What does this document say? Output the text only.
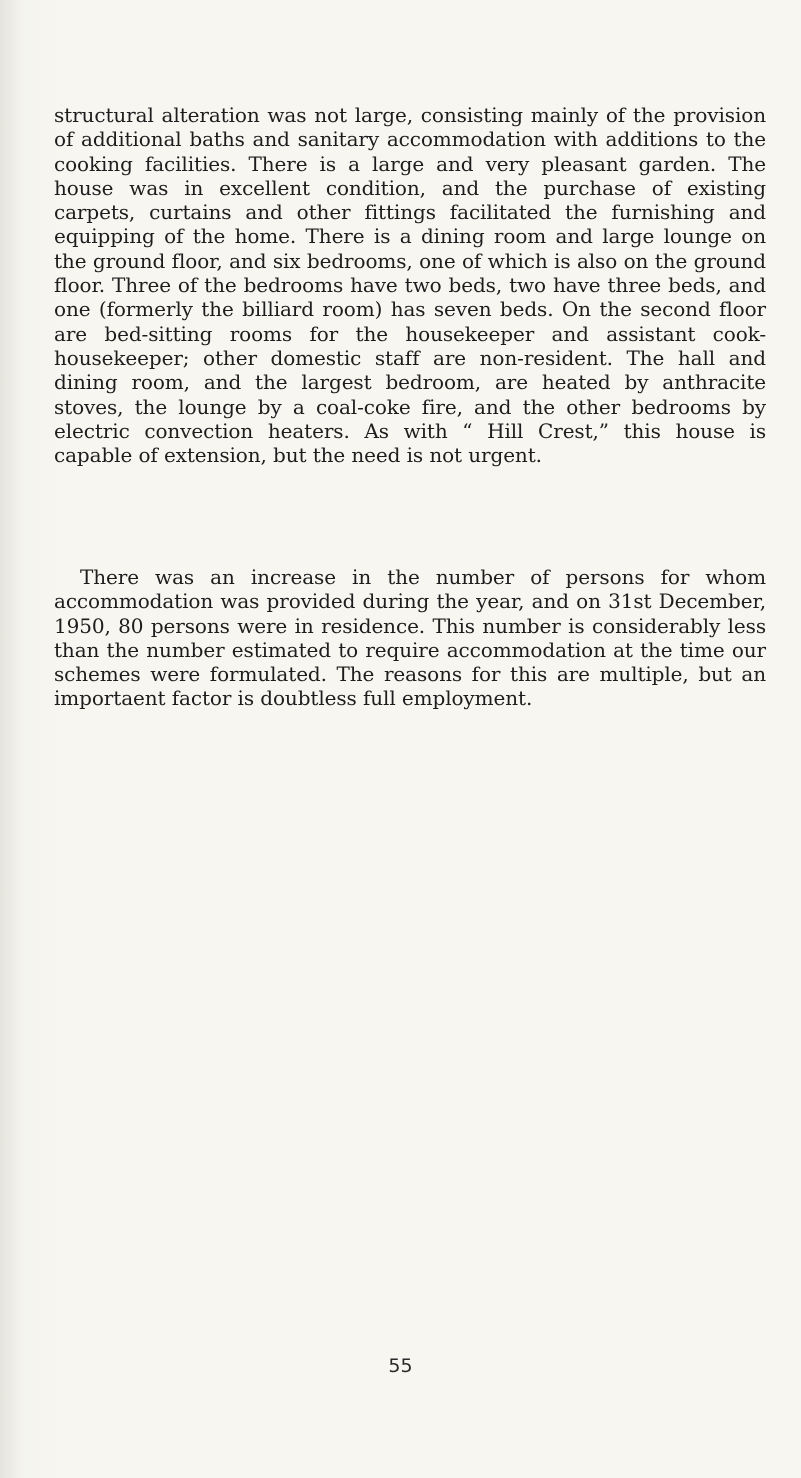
structural alteration was not large, consisting mainly of the provision of additional baths and sanitary accommodation with additions to the cooking facilities. There is a large and very pleasant garden. The house was in excellent condition, and the purchase of existing carpets, curtains and other fittings facilitated the furnishing and equipping of the home. There is a dining room and large lounge on the ground floor, and six bedrooms, one of which is also on the ground floor. Three of the bedrooms have two beds, two have three beds, and one (formerly the billiard room) has seven beds. On the second floor are bed-sitting rooms for the housekeeper and assistant cook-housekeeper; other domestic staff are non-resident. The hall and dining room, and the largest bedroom, are heated by anthracite stoves, the lounge by a coal-coke fire, and the other bedrooms by electric convection heaters. As with “ Hill Crest,” this house is capable of extension, but the need is not urgent.

There was an increase in the number of persons for whom accommodation was provided during the year, and on 31st December, 1950, 80 persons were in residence. This number is considerably less than the number estimated to require accommodation at the time our schemes were formulated. The reasons for this are multiple, but an importaent factor is doubtless full employment.

55
